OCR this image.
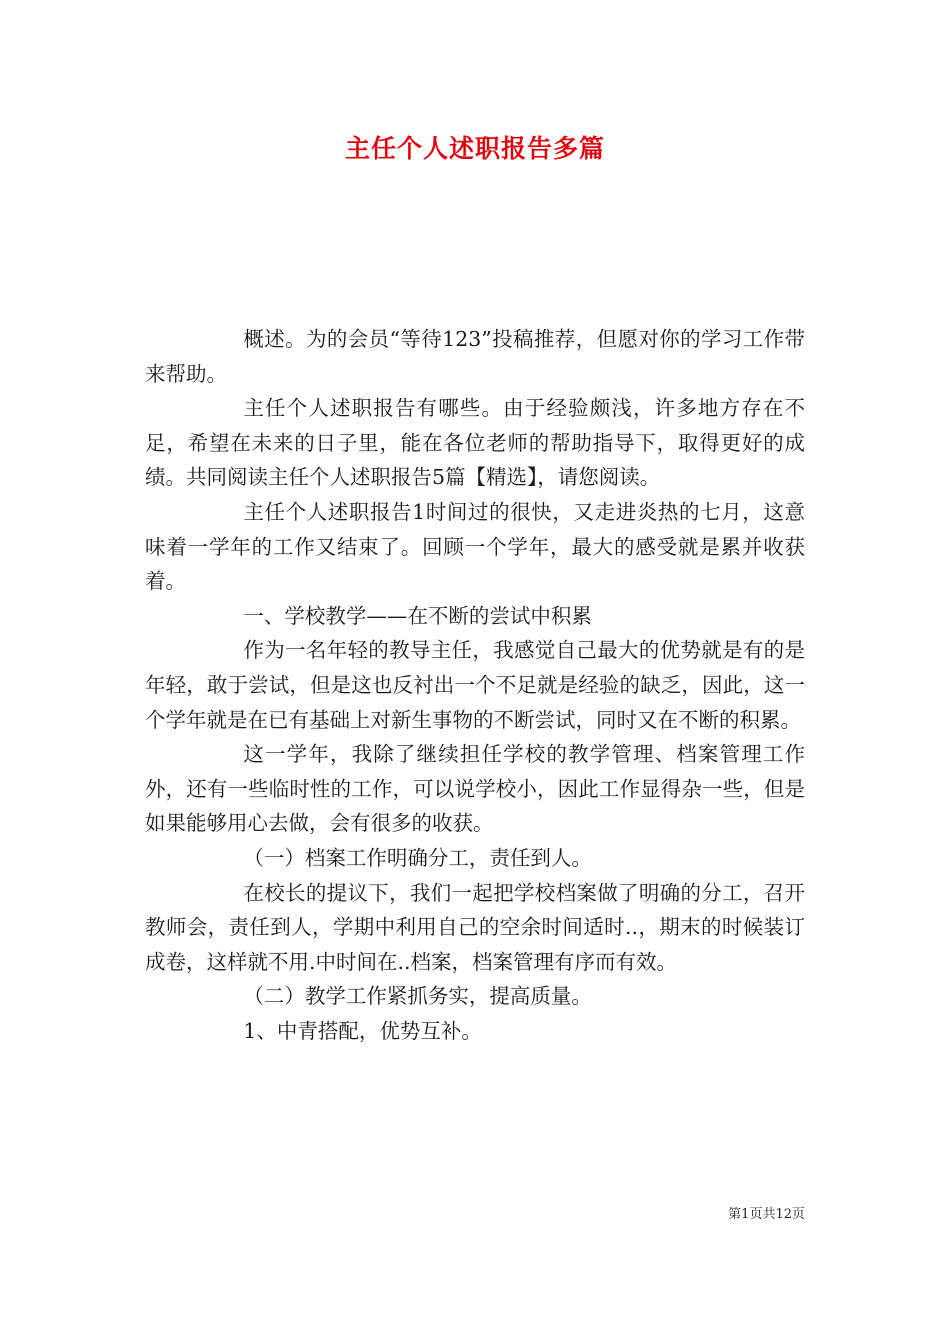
主任个人述职报告多篇

概述。为的会员“等待123”投稿推荐，但愿对你的学习工作带来帮助。

主任个人述职报告有哪些。由于经验颇浅，许多地方存在不足，希望在未来的日子里，能在各位老师的帮助指导下，取得更好的成绩。共同阅读主任个人述职报告5篇【精选】，请您阅读。

主任个人述职报告1时间过的很快，又走进炎热的七月，这意味着一学年的工作又结束了。回顾一个学年，最大的感受就是累并收获着。

一、学校教学——在不断的尝试中积累

作为一名年轻的教导主任，我感觉自己最大的优势就是有的是年轻，敢于尝试，但是这也反衬出一个不足就是经验的缺乏，因此，这一个学年就是在已有基础上对新生事物的不断尝试，同时又在不断的积累。

这一学年，我除了继续担任学校的教学管理、档案管理工作外，还有一些临时性的工作，可以说学校小，因此工作显得杂一些，但是如果能够用心去做，会有很多的收获。

（一）档案工作明确分工，责任到人。

在校长的提议下，我们一起把学校档案做了明确的分工，召开教师会，责任到人，学期中利用自己的空余时间适时..，期末的时候装订成卷，这样就不用.中时间在..档案，档案管理有序而有效。

（二）教学工作紧抓务实，提高质量。

1、中青搭配，优势互补。

第1页共12页
